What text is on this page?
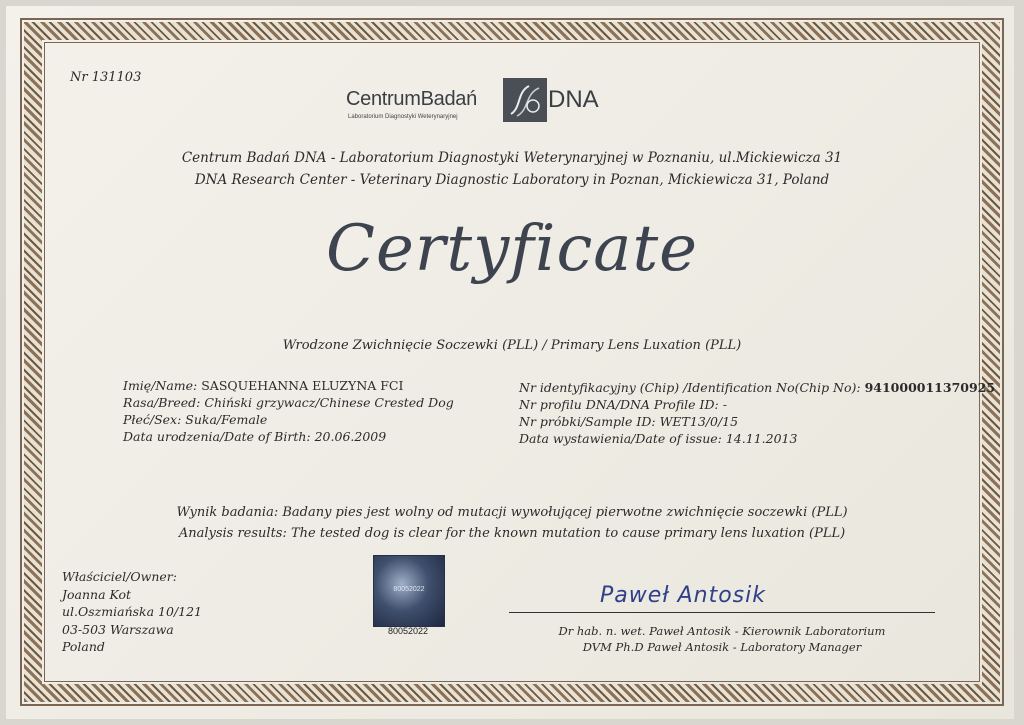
Nr 131103
CentrumBadań	DNA
Laboratorium Diagnostyki Weterynaryjnej
Centrum Badań DNA - Laboratorium Diagnostyki Weterynaryjnej w Poznaniu, ul.Mickiewicza 31
DNA Research Center - Veterinary Diagnostic Laboratory in Poznan, Mickiewicza 31, Poland
Certyficate
Wrodzone Zwichnięcie Soczewki (PLL) / Primary Lens Luxation (PLL)
Imię/Name: SASQUEHANNA ELUZYNA FCI
Rasa/Breed: Chiński grzywacz/Chinese Crested Dog
Płeć/Sex: Suka/Female
Data urodzenia/Date of Birth: 20.06.2009
Nr identyfikacyjny (Chip) /Identification No(Chip No): 941000011370925
Nr profilu DNA/DNA Profile ID: -
Nr próbki/Sample ID: WET13/0/15
Data wystawienia/Date of issue: 14.11.2013
Wynik badania: Badany pies jest wolny od mutacji wywołującej pierwotne zwichnięcie soczewki (PLL)
Analysis results: The tested dog is clear for the known mutation to cause primary lens luxation (PLL)
Właściciel/Owner:
Joanna Kot
ul.Oszmiańska 10/121
03-503 Warszawa
Poland
80052022
80052022
Paweł Antosik
Dr hab. n. wet. Paweł Antosik - Kierownik Laboratorium
DVM Ph.D Paweł Antosik - Laboratory Manager
